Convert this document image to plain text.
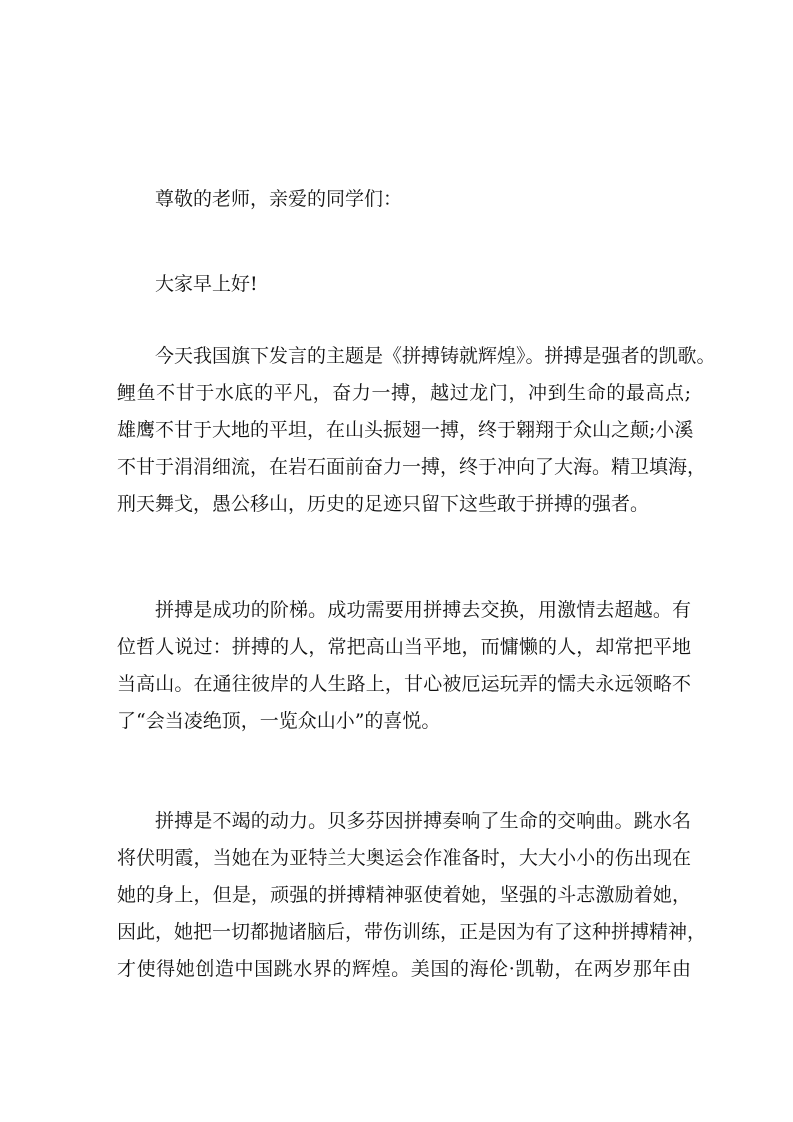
尊敬的老师，亲爱的同学们：
大家早上好!
今天我国旗下发言的主题是《拼搏铸就辉煌》。拼搏是强者的凯歌。
鲤鱼不甘于水底的平凡，奋力一搏，越过龙门，冲到生命的最高点;
雄鹰不甘于大地的平坦，在山头振翅一搏，终于翱翔于众山之颠;小溪
不甘于涓涓细流，在岩石面前奋力一搏，终于冲向了大海。精卫填海，
刑天舞戈，愚公移山，历史的足迹只留下这些敢于拼搏的强者。
拼搏是成功的阶梯。成功需要用拼搏去交换，用激情去超越。有
位哲人说过：拼搏的人，常把高山当平地，而慵懒的人，却常把平地
当高山。在通往彼岸的人生路上，甘心被厄运玩弄的懦夫永远领略不
了“会当凌绝顶，一览众山小”的喜悦。
拼搏是不竭的动力。贝多芬因拼搏奏响了生命的交响曲。跳水名
将伏明霞，当她在为亚特兰大奥运会作准备时，大大小小的伤出现在
她的身上，但是，顽强的拼搏精神驱使着她，坚强的斗志激励着她，
因此，她把一切都抛诸脑后，带伤训练，正是因为有了这种拼搏精神，
才使得她创造中国跳水界的辉煌。美国的海伦·凯勒，在两岁那年由
